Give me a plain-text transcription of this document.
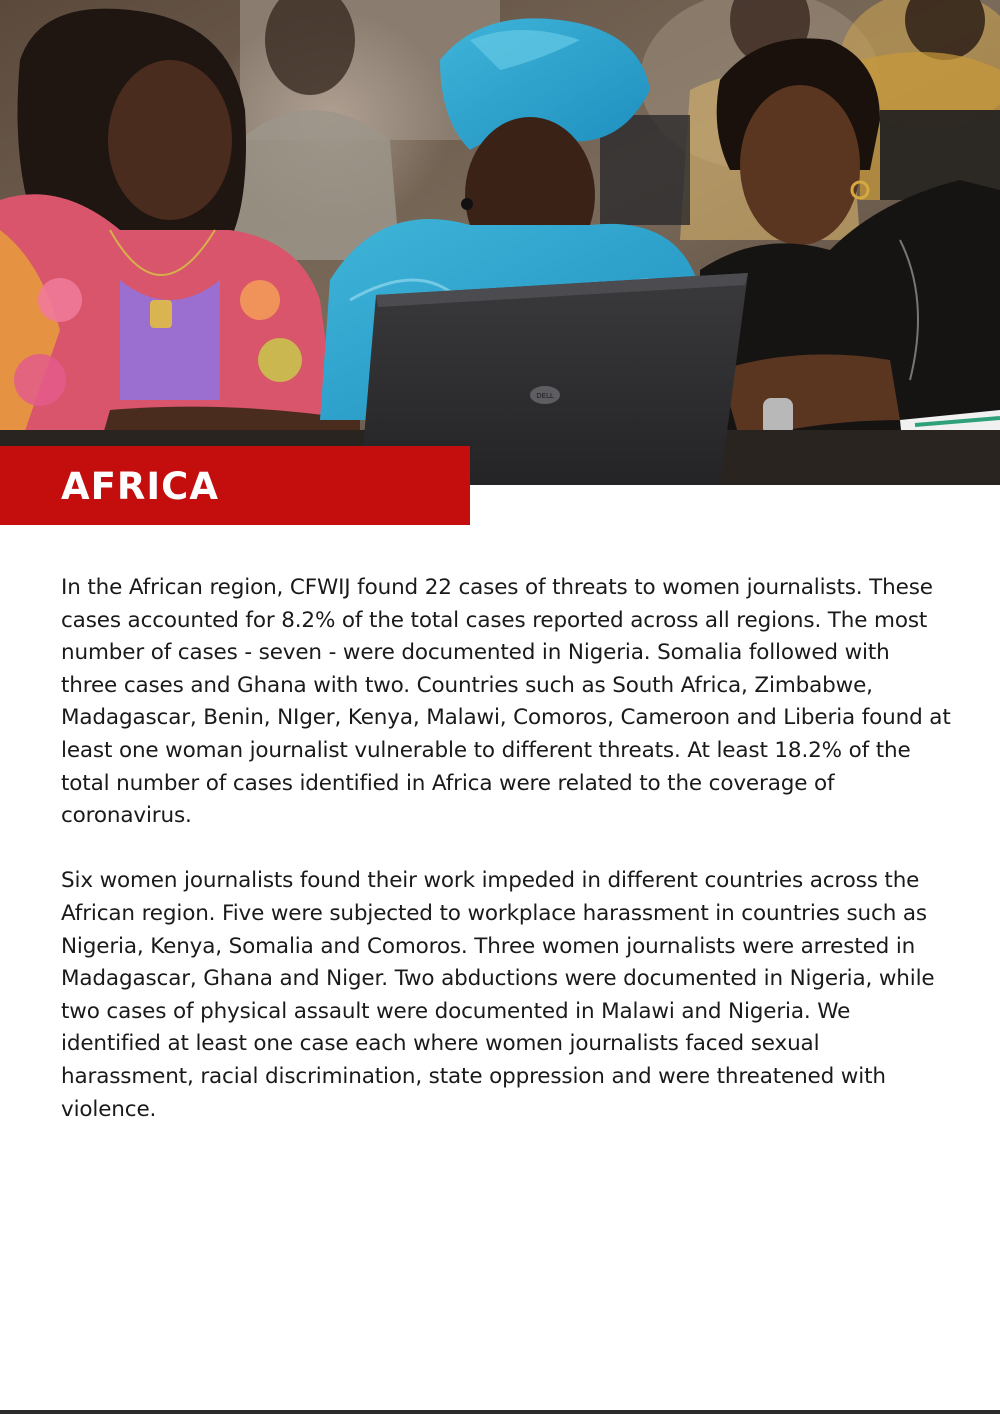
DELL
AFRICA

In the African region, CFWIJ found 22 cases of threats to women journalists. These cases accounted for 8.2% of the total cases reported across all regions. The most number of cases - seven - were documented in Nigeria. Somalia followed with three cases and Ghana with two. Countries such as South Africa, Zimbabwe, Madagascar, Benin, NIger, Kenya, Malawi, Comoros, Cameroon and Liberia found at least one woman journalist vulnerable to different threats. At least 18.2% of the total number of cases identified in Africa were related to the coverage of coronavirus.

Six women journalists found their work impeded in different countries across the African region. Five were subjected to workplace harassment in countries such as Nigeria, Kenya, Somalia and Comoros. Three women journalists were arrested in Madagascar, Ghana and Niger. Two abductions were documented in Nigeria, while two cases of physical assault were documented in Malawi and Nigeria. We identified at least one case each where women journalists faced sexual harassment, racial discrimination, state oppression and were threatened with violence.
